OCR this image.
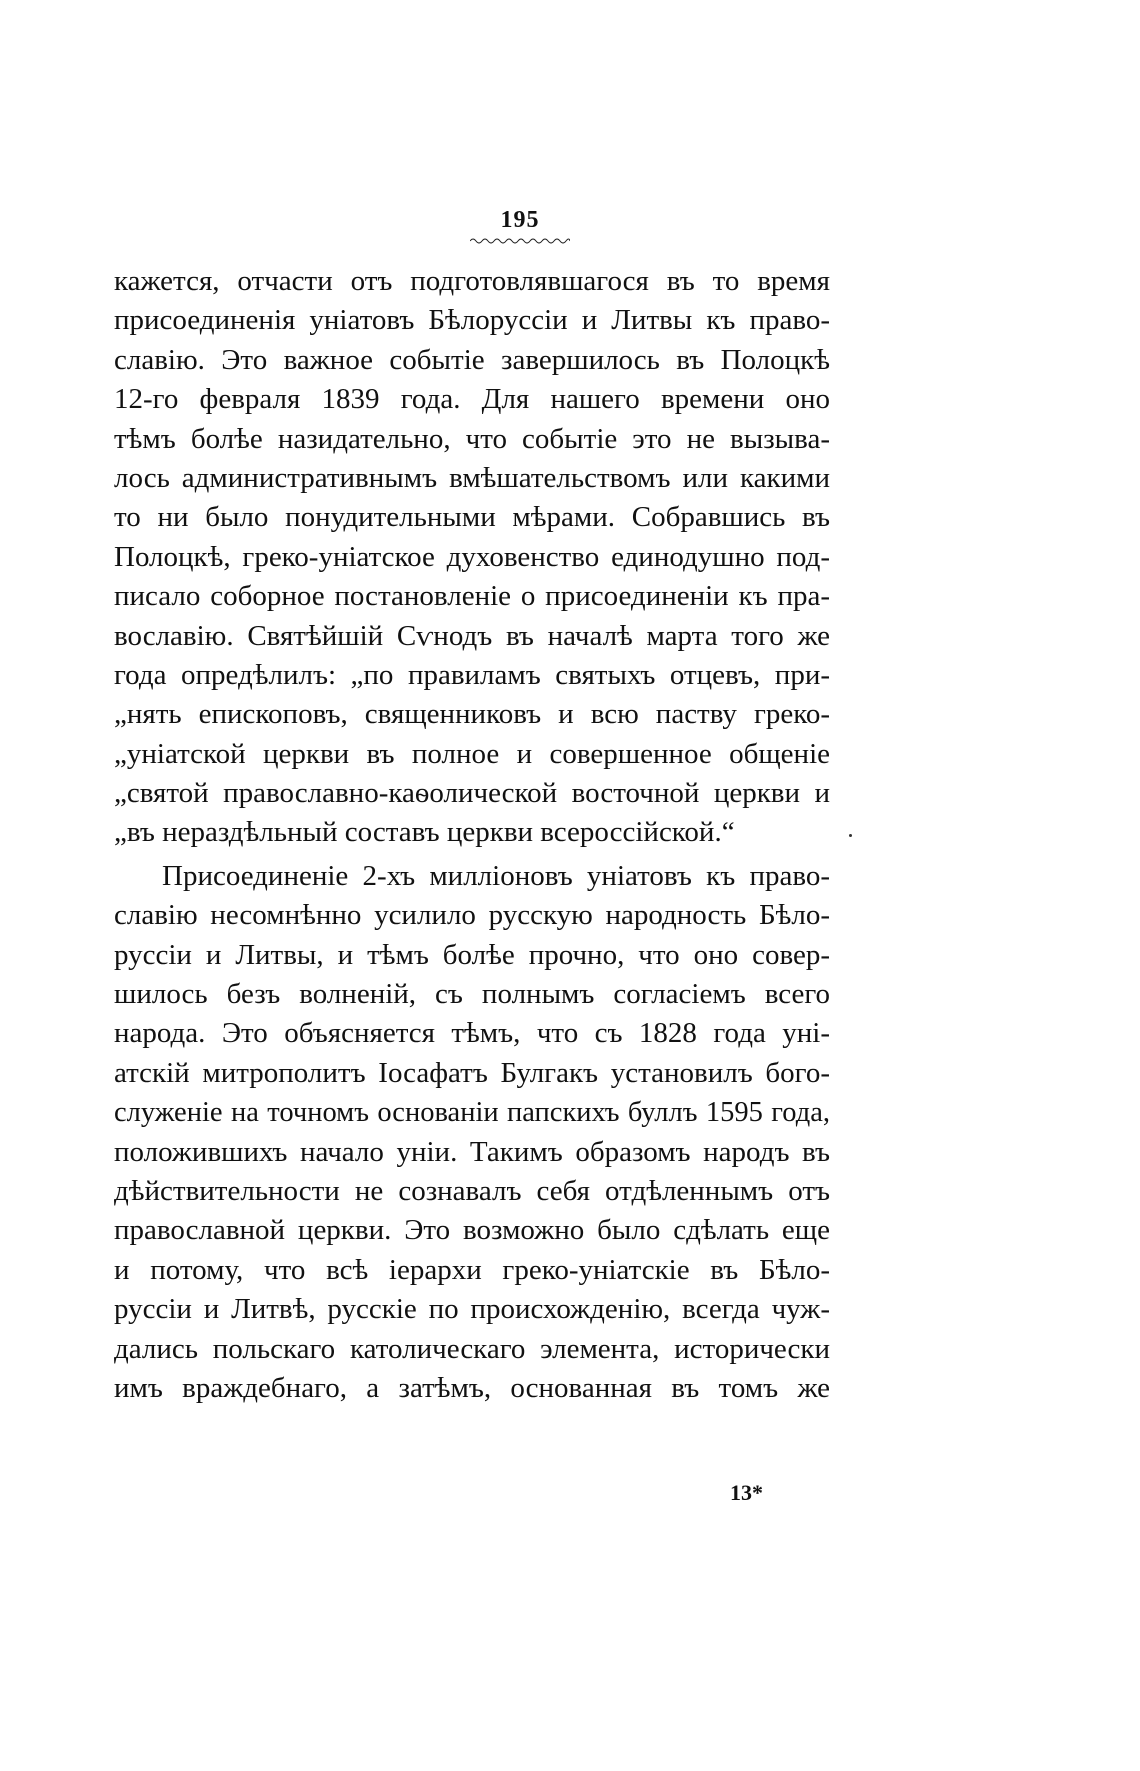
195
кажется, отчасти отъ подготовлявшагося въ то время
присоединенія уніатовъ Бѣлоруссіи и Литвы къ право-
славію. Это важное событіе завершилось въ Полоцкѣ
12-го февраля 1839 года. Для нашего времени оно
тѣмъ болѣе назидательно, что событіе это не вызыва-
лось административнымъ вмѣшательствомъ или какими
то ни было понудительными мѣрами. Собравшись въ
Полоцкѣ, греко-уніатское духовенство единодушно под-
писало соборное постановленіе о присоединеніи къ пра-
вославію. Святѣйшій Сѵнодъ въ началѣ марта того же
года опредѣлилъ: „по правиламъ святыхъ отцевъ, при-
„нять епископовъ, священниковъ и всю паству греко-
„уніатской церкви въ полное и совершенное общеніе
„святой православно-каѳолической восточной церкви и
„въ нераздѣльный составъ церкви всероссійской.“
Присоединеніе 2-хъ милліоновъ уніатовъ къ право-
славію несомнѣнно усилило русскую народность Бѣло-
руссіи и Литвы, и тѣмъ болѣе прочно, что оно совер-
шилось безъ волненій, съ полнымъ согласіемъ всего
народа. Это объясняется тѣмъ, что съ 1828 года уні-
атскій митрополитъ Іосафатъ Булгакъ установилъ бого-
служеніе на точномъ основаніи папскихъ буллъ 1595 года,
положившихъ начало уніи. Такимъ образомъ народъ въ
дѣйствительности не сознавалъ себя отдѣленнымъ отъ
православной церкви. Это возможно было сдѣлать еще
и потому, что всѣ іерархи греко-уніатскіе въ Бѣло-
руссіи и Литвѣ, русскіе по происхожденію, всегда чуж-
дались польскаго католическаго элемента, исторически
имъ враждебнаго, а затѣмъ, основанная въ томъ же
13*
